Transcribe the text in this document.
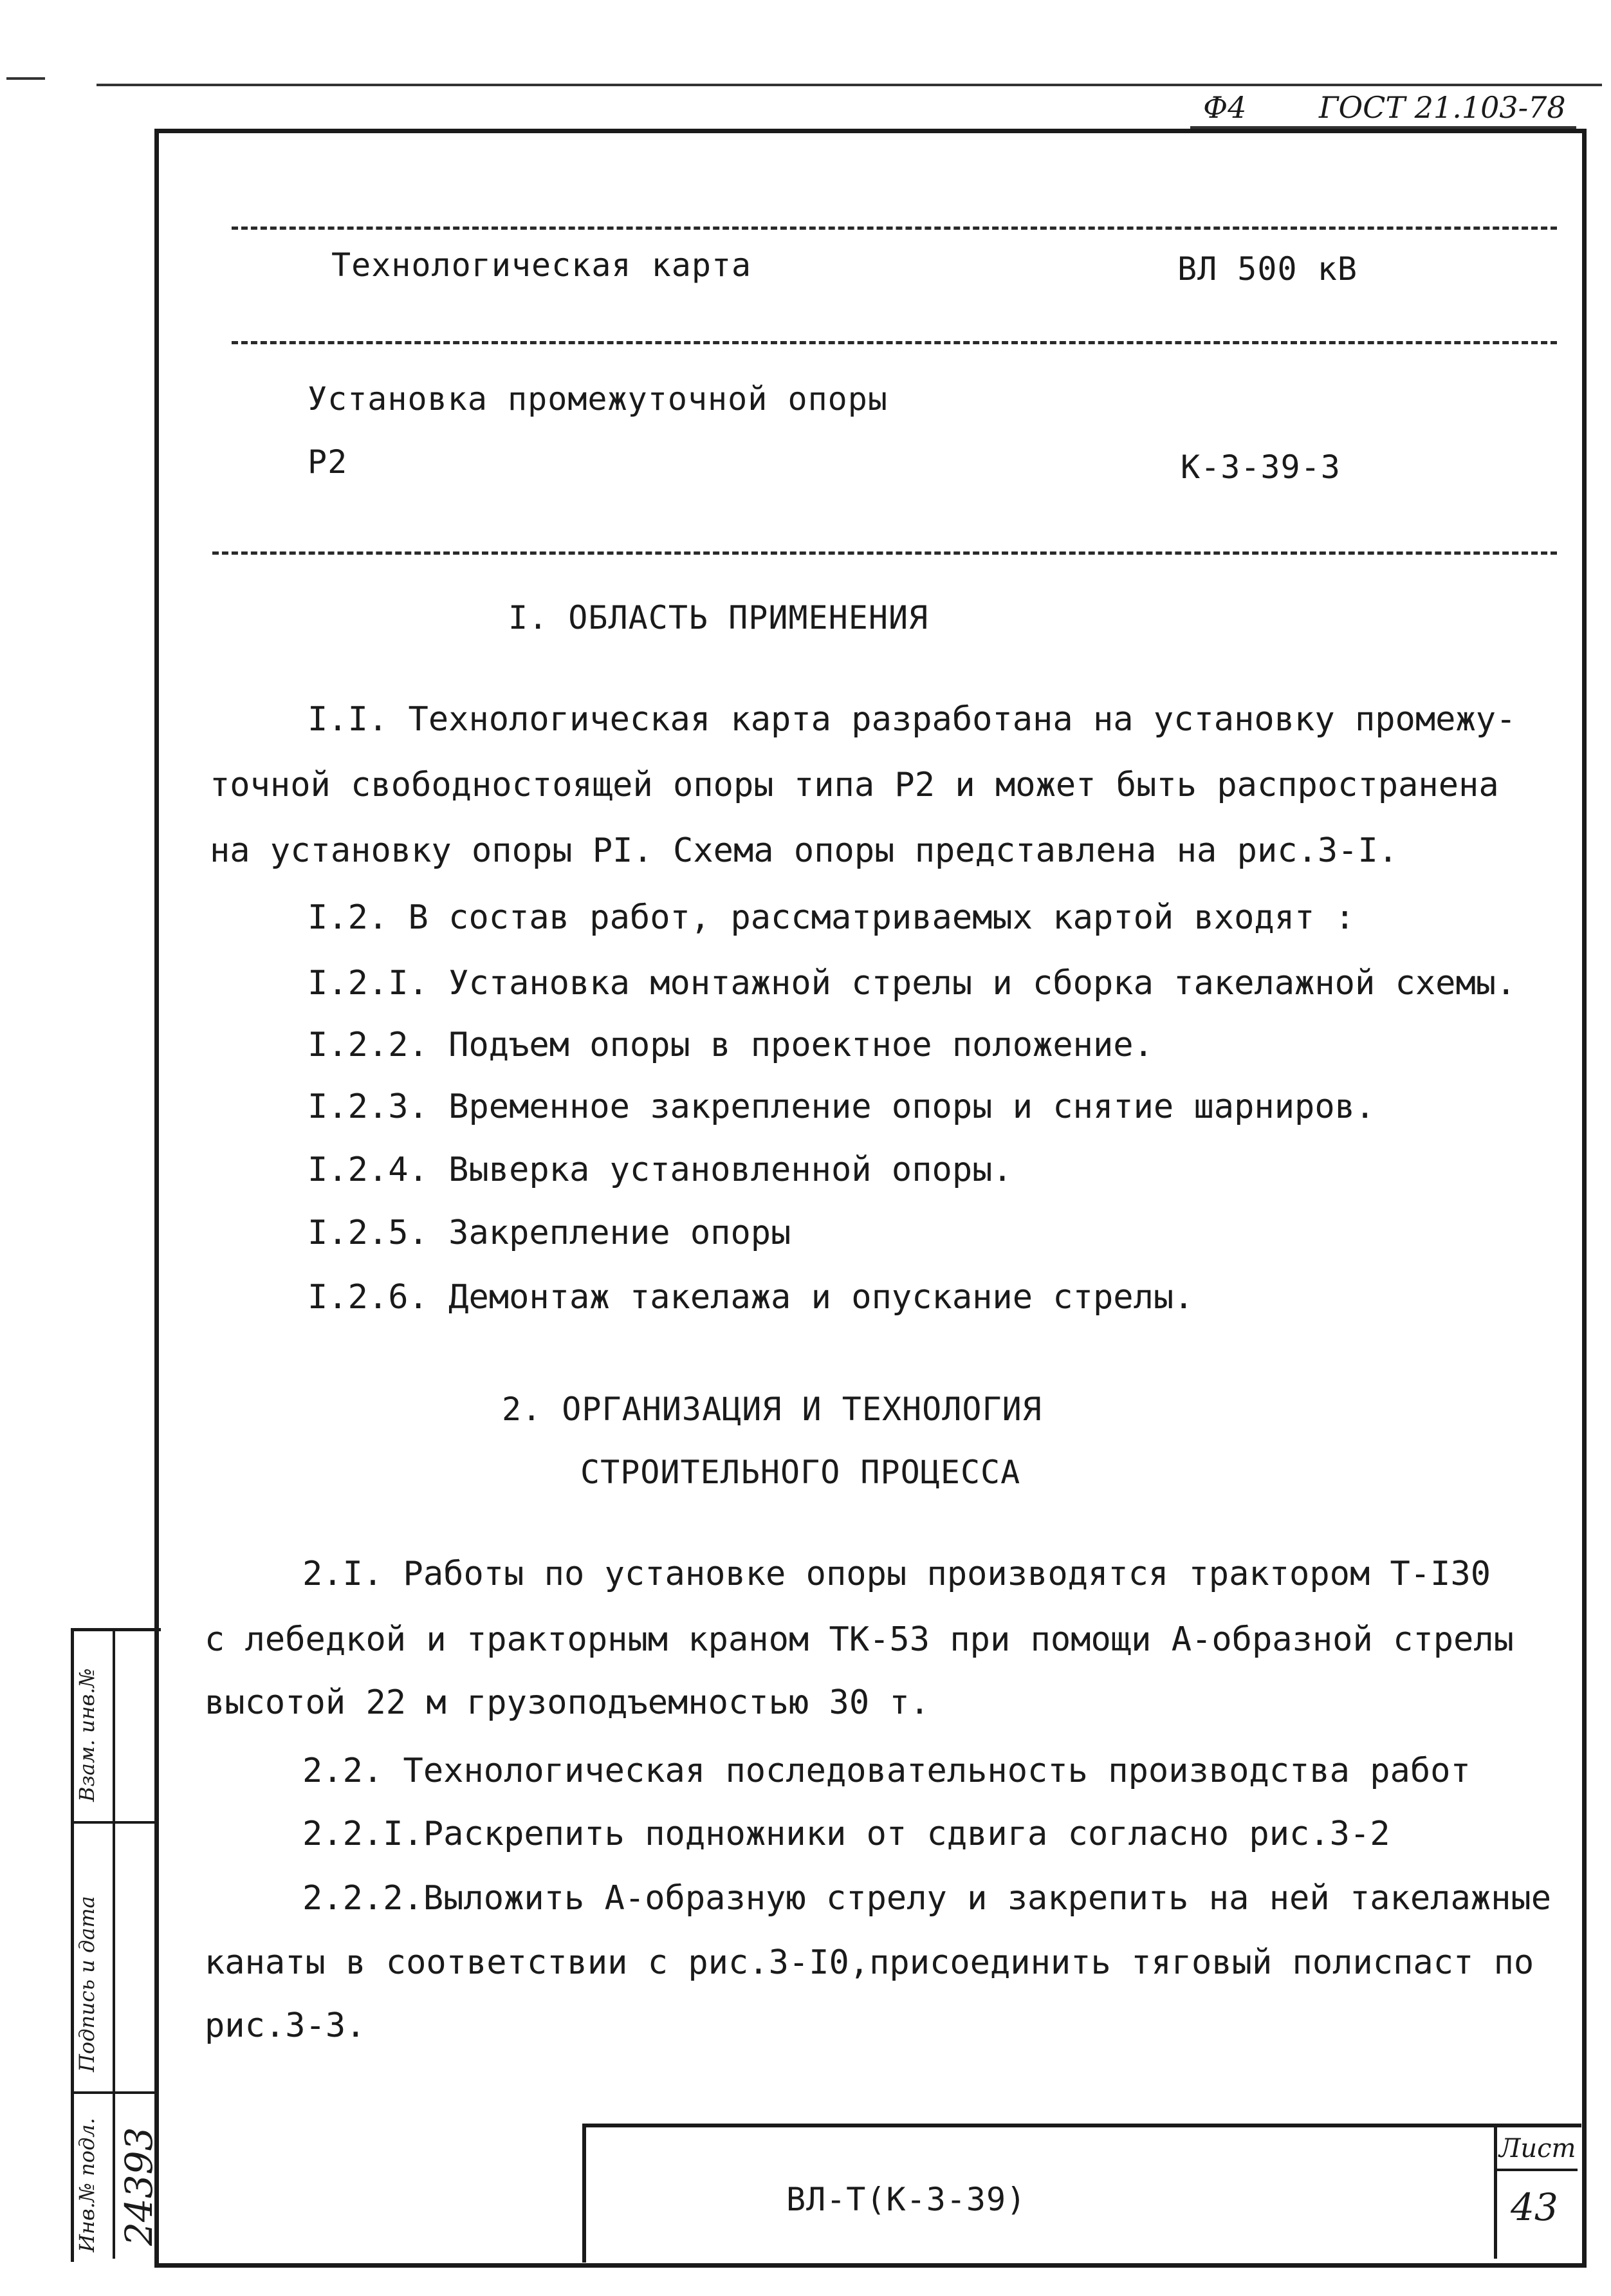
Ф4 ГОСТ 21.103-78
Технологическая карта	ВЛ 500 кВ
Установка промежуточной опоры
Р2	К-3-39-3
I. ОБЛАСТЬ ПРИМЕНЕНИЯ
I.I. Технологическая карта разработана на установку промежу-
точной свободностоящей опоры типа Р2 и может быть распространена
на установку опоры РI. Схема опоры представлена на рис.3-I.
I.2. В состав работ, рассматриваемых картой входят :
I.2.I. Установка монтажной стрелы и сборка такелажной схемы.
I.2.2. Подъем опоры в проектное положение.
I.2.3. Временное закрепление опоры и снятие шарниров.
I.2.4. Выверка установленной опоры.
I.2.5. Закрепление опоры
I.2.6. Демонтаж такелажа и опускание стрелы.
2. ОРГАНИЗАЦИЯ И ТЕХНОЛОГИЯ
СТРОИТЕЛЬНОГО ПРОЦЕССА
2.I. Работы по установке опоры производятся трактором Т-I30
с лебедкой и тракторным краном ТК-53 при помощи А-образной стрелы
высотой 22 м грузоподъемностью 30 т.
2.2. Технологическая последовательность производства работ
2.2.I.Раскрепить подножники от сдвига согласно рис.3-2
2.2.2.Выложить А-образную стрелу и закрепить на ней такелажные
канаты в соответствии с рис.3-I0,присоединить тяговый полиспаст по
рис.3-3.
Взам. инв.№
Подпись и дата
Инв.№ подл. 24393	ВЛ-Т(К-3-39)
Лист
43
